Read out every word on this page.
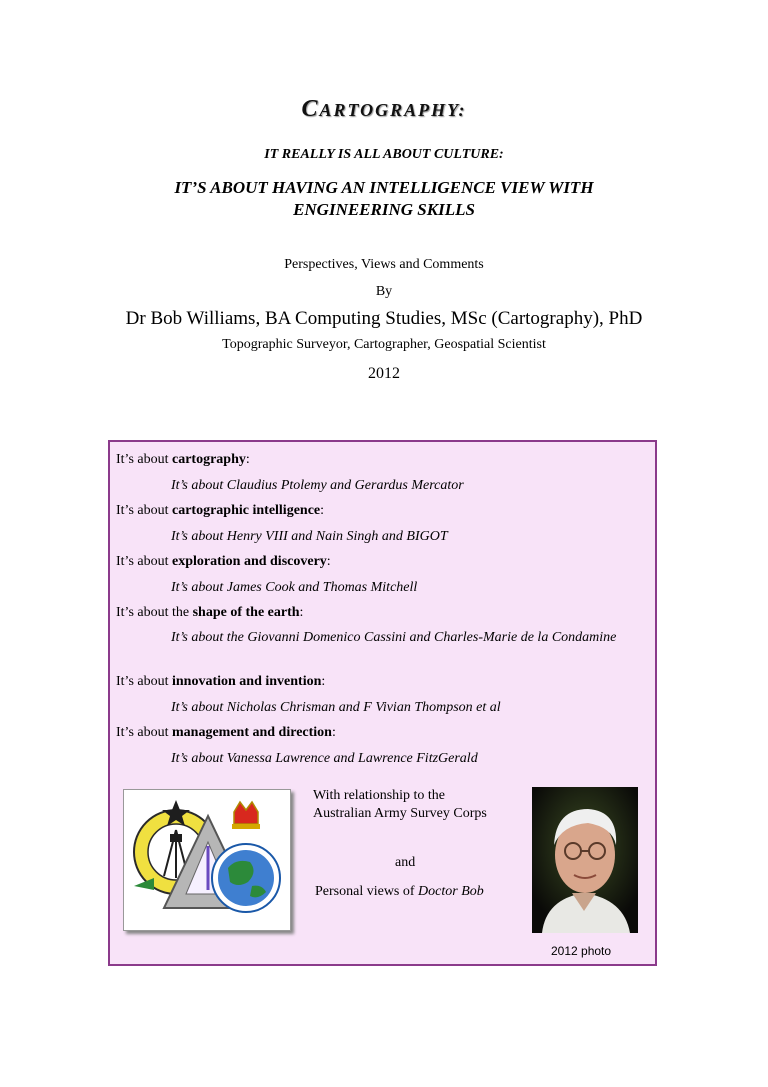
CARTOGRAPHY:
IT REALLY IS ALL ABOUT CULTURE:
IT’S ABOUT HAVING AN INTELLIGENCE VIEW WITH
ENGINEERING SKILLS
Perspectives, Views and Comments
By
Dr Bob Williams, BA Computing Studies, MSc (Cartography), PhD
Topographic Surveyor, Cartographer, Geospatial Scientist
2012
It’s about cartography:
It’s about Claudius Ptolemy and Gerardus Mercator
It’s about cartographic intelligence:
It’s about Henry VIII and Nain Singh and BIGOT
It’s about exploration and discovery:
It’s about James Cook and Thomas Mitchell
It’s about the shape of the earth:
It’s about the Giovanni Domenico Cassini and Charles-Marie de la Condamine
It’s about innovation and invention:
It’s about Nicholas Chrisman and F Vivian Thompson et al
It’s about management and direction:
It’s about Vanessa Lawrence and Lawrence FitzGerald
With relationship to the Australian Army Survey Corps
and
Personal views of Doctor Bob
2012 photo
